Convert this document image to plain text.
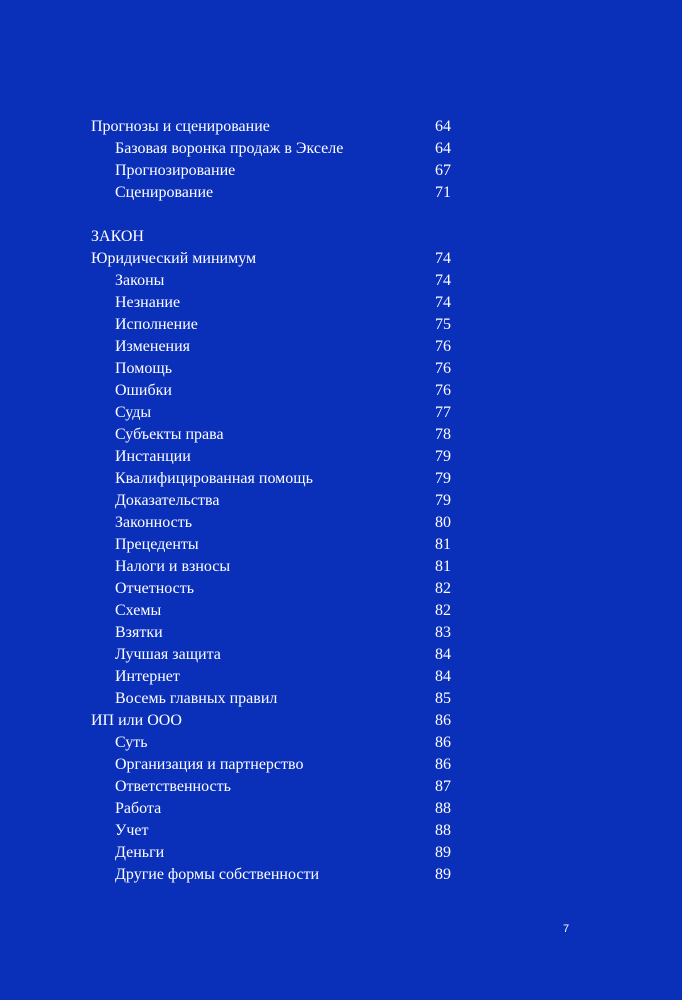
Прогнозы и сценирование	64
Базовая воронка продаж в Экселе	64
Прогнозирование	67
Сценирование	71
ЗАКОН
Юридический минимум	74
Законы	74
Незнание	74
Исполнение	75
Изменения	76
Помощь	76
Ошибки	76
Суды	77
Субъекты права	78
Инстанции	79
Квалифицированная помощь	79
Доказательства	79
Законность	80
Прецеденты	81
Налоги и взносы	81
Отчетность	82
Схемы	82
Взятки	83
Лучшая защита	84
Интернет	84
Восемь главных правил	85
ИП или ООО	86
Суть	86
Организация и партнерство	86
Ответственность	87
Работа	88
Учет	88
Деньги	89
Другие формы собственности	89
7
